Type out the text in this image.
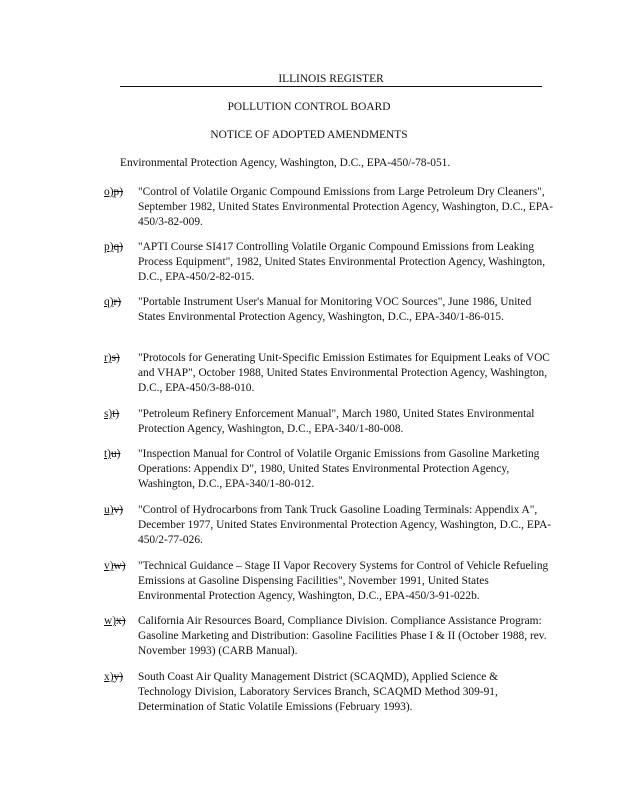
ILLINOIS REGISTER
POLLUTION CONTROL BOARD
NOTICE OF ADOPTED AMENDMENTS
Environmental Protection Agency, Washington, D.C., EPA-450/-78-051.
o)p)	"Control of Volatile Organic Compound Emissions from Large Petroleum Dry Cleaners", September 1982, United States Environmental Protection Agency, Washington, D.C., EPA-450/3-82-009.
p)q)	"APTI Course SI417 Controlling Volatile Organic Compound Emissions from Leaking Process Equipment", 1982, United States Environmental Protection Agency, Washington, D.C., EPA-450/2-82-015.
q)r)	"Portable Instrument User's Manual for Monitoring VOC Sources", June 1986, United States Environmental Protection Agency, Washington, D.C., EPA-340/1-86-015.
r)s)	"Protocols for Generating Unit-Specific Emission Estimates for Equipment Leaks of VOC and VHAP", October 1988, United States Environmental Protection Agency, Washington, D.C., EPA-450/3-88-010.
s)t)	"Petroleum Refinery Enforcement Manual", March 1980, United States Environmental Protection Agency, Washington, D.C., EPA-340/1-80-008.
t)u)	"Inspection Manual for Control of Volatile Organic Emissions from Gasoline Marketing Operations: Appendix D", 1980, United States Environmental Protection Agency, Washington, D.C., EPA-340/1-80-012.
u)v)	"Control of Hydrocarbons from Tank Truck Gasoline Loading Terminals: Appendix A", December 1977, United States Environmental Protection Agency, Washington, D.C., EPA-450/2-77-026.
v)w)	"Technical Guidance – Stage II Vapor Recovery Systems for Control of Vehicle Refueling Emissions at Gasoline Dispensing Facilities", November 1991, United States Environmental Protection Agency, Washington, D.C., EPA-450/3-91-022b.
w)x)	California Air Resources Board, Compliance Division. Compliance Assistance Program: Gasoline Marketing and Distribution: Gasoline Facilities Phase I & II (October 1988, rev. November 1993) (CARB Manual).
x)y)	South Coast Air Quality Management District (SCAQMD), Applied Science & Technology Division, Laboratory Services Branch, SCAQMD Method 309-91, Determination of Static Volatile Emissions (February 1993).
